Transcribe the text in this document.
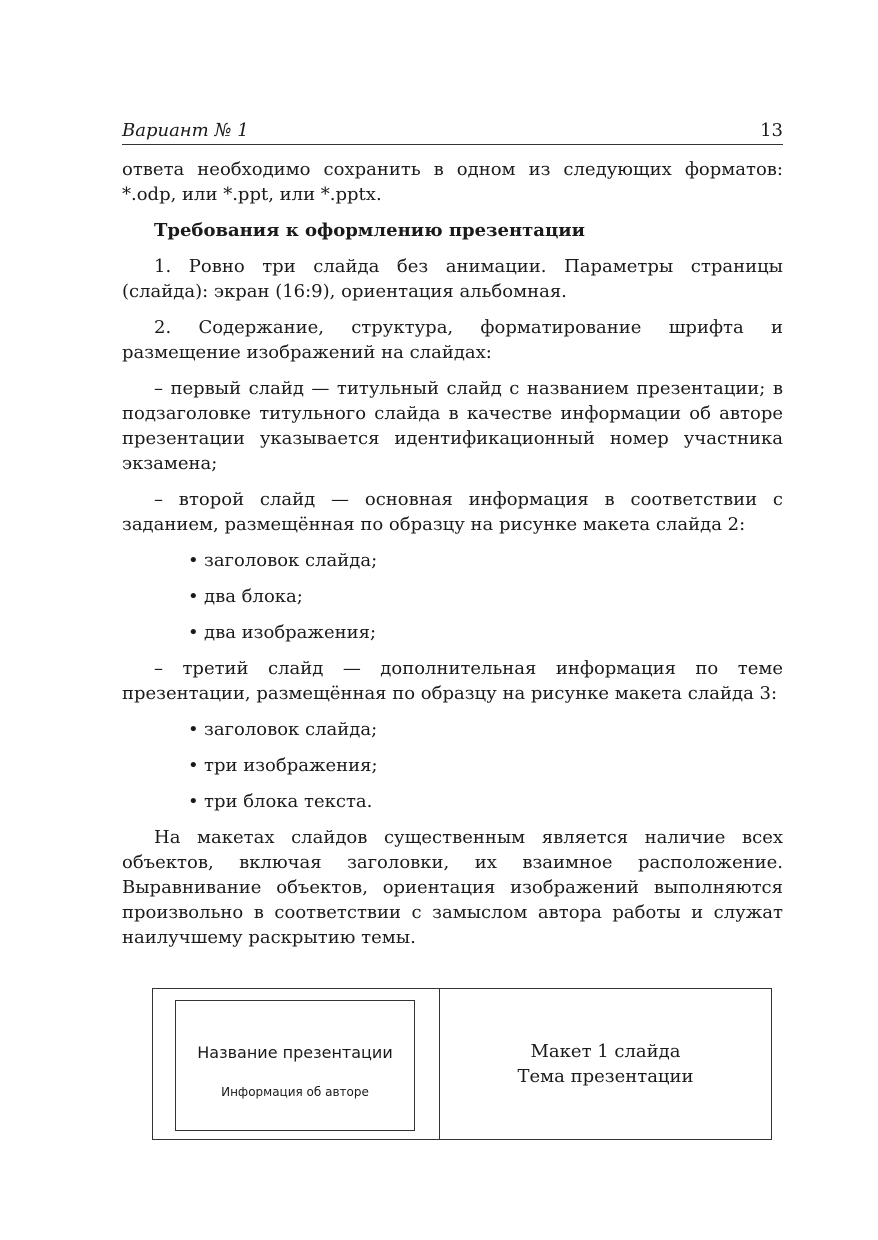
Вариант № 1	13

ответа необходимо сохранить в одном из следующих форматов: *.odp, или *.ppt, или *.pptx.

Требования к оформлению презентации

1. Ровно три слайда без анимации. Параметры страницы (слайда): экран (16:9), ориентация альбомная.

2. Содержание, структура, форматирование шрифта и размещение изображений на слайдах:

– первый слайд — титульный слайд с названием презентации; в подзаголовке титульного слайда в качестве информации об авторе презентации указывается идентификационный номер участника экзамена;

– второй слайд — основная информация в соответствии с заданием, размещённая по образцу на рисунке макета слайда 2:

• заголовок слайда;
• два блока;
• два изображения;

– третий слайд — дополнительная информация по теме презентации, размещённая по образцу на рисунке макета слайда 3:

• заголовок слайда;
• три изображения;
• три блока текста.

На макетах слайдов существенным является наличие всех объектов, включая заголовки, их взаимное расположение. Выравнивание объектов, ориентация изображений выполняются произвольно в соответствии с замыслом автора работы и служат наилучшему раскрытию темы.

Название презентации
Информация об авторе
Макет 1 слайда
Тема презентации
